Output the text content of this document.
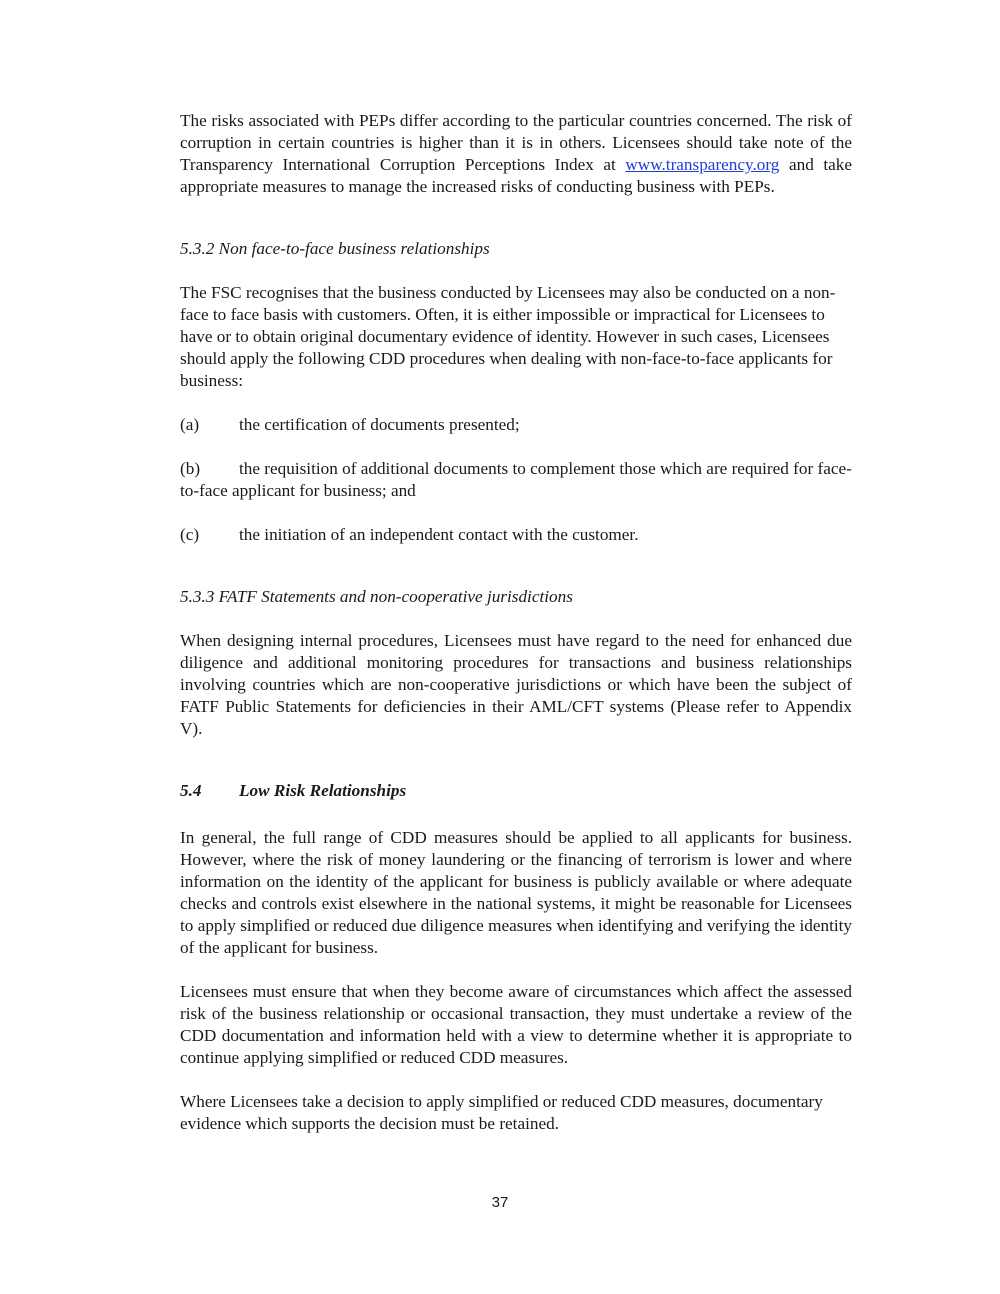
The risks associated with PEPs differ according to the particular countries concerned. The risk of corruption in certain countries is higher than it is in others. Licensees should take note of the Transparency International Corruption Perceptions Index at www.transparency.org and take appropriate measures to manage the increased risks of conducting business with PEPs.

5.3.2 Non face-to-face business relationships

The FSC recognises that the business conducted by Licensees may also be conducted on a non-face to face basis with customers. Often, it is either impossible or impractical for Licensees to have or to obtain original documentary evidence of identity. However in such cases, Licensees should apply the following CDD procedures when dealing with non-face-to-face applicants for business:

(a) the certification of documents presented;

(b) the requisition of additional documents to complement those which are required for face- to-face applicant for business; and

(c) the initiation of an independent contact with the customer.

5.3.3 FATF Statements and non-cooperative jurisdictions

When designing internal procedures, Licensees must have regard to the need for enhanced due diligence and additional monitoring procedures for transactions and business relationships involving countries which are non-cooperative jurisdictions or which have been the subject of FATF Public Statements for deficiencies in their AML/CFT systems (Please refer to Appendix V).

5.4	Low Risk Relationships

In general, the full range of CDD measures should be applied to all applicants for business. However, where the risk of money laundering or the financing of terrorism is lower and where information on the identity of the applicant for business is publicly available or where adequate checks and controls exist elsewhere in the national systems, it might be reasonable for Licensees to apply simplified or reduced due diligence measures when identifying and verifying the identity of the applicant for business.

Licensees must ensure that when they become aware of circumstances which affect the assessed risk of the business relationship or occasional transaction, they must undertake a review of the CDD documentation and information held with a view to determine whether it is appropriate to continue applying simplified or reduced CDD measures.

Where Licensees take a decision to apply simplified or reduced CDD measures, documentary evidence which supports the decision must be retained.

37
